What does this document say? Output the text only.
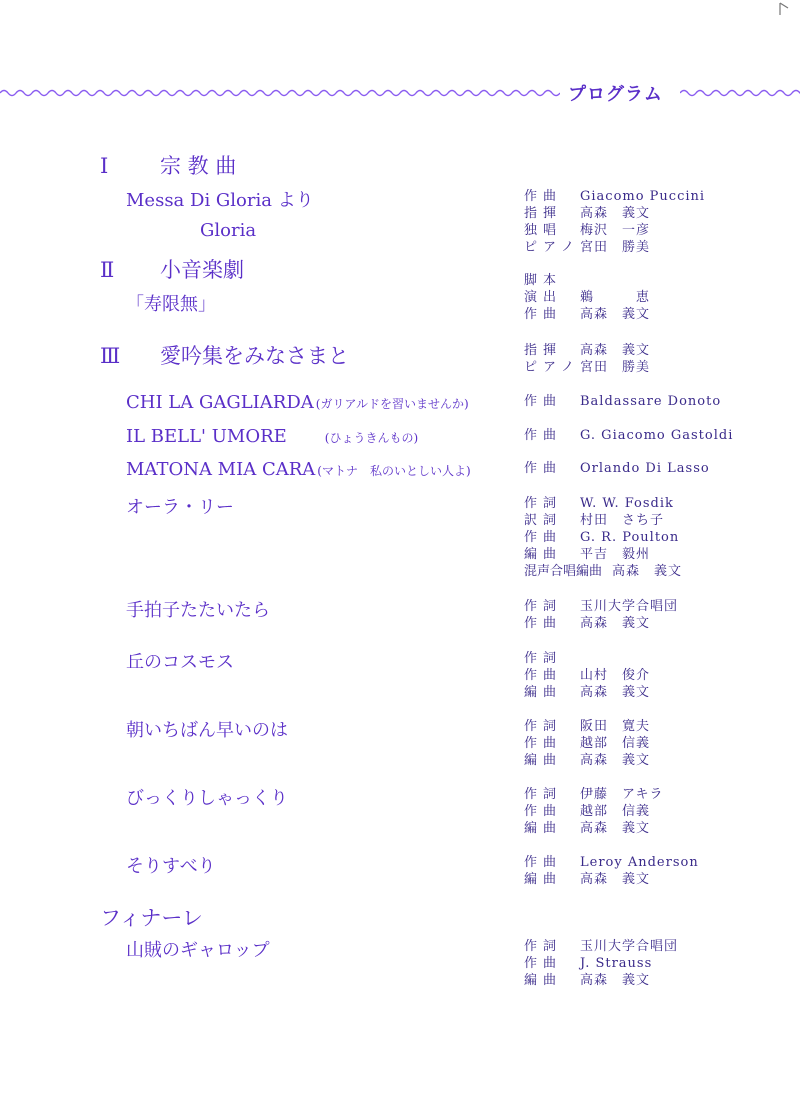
プログラム
Ⅰ 宗 教 曲
Messa Di Gloria より
Gloria
作曲	Giacomo Puccini
指揮	高森　義文
独唱	梅沢　一彦
ピアノ 宮田　勝美
Ⅱ 小音楽劇
「寿限無」
脚本
演出	鵜　　　恵
作曲	高森　義文
Ⅲ 愛吟集をみなさまと	指揮	高森　義文
ピアノ 宮田　勝美
CHI LA GAGLIARDA (ガリアルドを習いませんか)	作曲	Baldassare Donoto
IL BELL' UMORE	(ひょうきんもの)	作曲	G. Giacomo Gastoldi
MATONA MIA CARA (マトナ　私のいとしい人よ)	作曲	Orlando Di Lasso
オーラ・リー	作詞	W. W. Fosdik
訳詞	村田　さち子
作曲	G. R. Poulton
編曲	平吉　毅州
混声合唱編曲 高森　義文
手拍子たたいたら	作詞	玉川大学合唱団
作曲	高森　義文
丘のコスモス	作詞
作曲	山村　俊介
編曲	高森　義文
朝いちばん早いのは	作詞	阪田　寛夫
作曲	越部　信義
編曲	高森　義文
びっくりしゃっくり	作詞	伊藤　アキラ
作曲	越部　信義
編曲	高森　義文
そりすべり	作曲	Leroy Anderson
編曲	高森　義文
フィナーレ
山賊のギャロップ	作詞	玉川大学合唱団
作曲	J. Strauss
編曲	高森　義文
